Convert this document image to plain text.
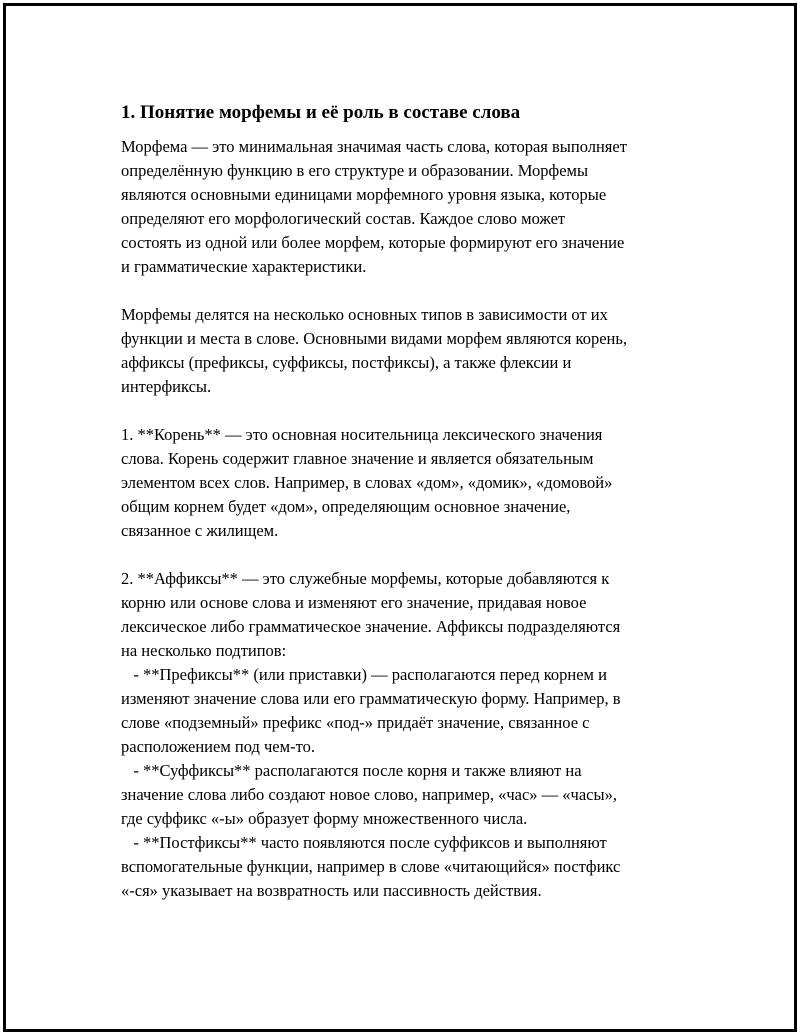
1. Понятие морфемы и её роль в составе слова
Морфема — это минимальная значимая часть слова, которая выполняет
определённую функцию в его структуре и образовании. Морфемы
являются основными единицами морфемного уровня языка, которые
определяют его морфологический состав. Каждое слово может
состоять из одной или более морфем, которые формируют его значение
и грамматические характеристики.
Морфемы делятся на несколько основных типов в зависимости от их
функции и места в слове. Основными видами морфем являются корень,
аффиксы (префиксы, суффиксы, постфиксы), а также флексии и
интерфиксы.
1. **Корень** — это основная носительница лексического значения
слова. Корень содержит главное значение и является обязательным
элементом всех слов. Например, в словах «дом», «домик», «домовой»
общим корнем будет «дом», определяющим основное значение,
связанное с жилищем.
2. **Аффиксы** — это служебные морфемы, которые добавляются к
корню или основе слова и изменяют его значение, придавая новое
лексическое либо грамматическое значение. Аффиксы подразделяются
на несколько подтипов:
- **Префиксы** (или приставки) — располагаются перед корнем и
изменяют значение слова или его грамматическую форму. Например, в
слове «подземный» префикс «под-» придаёт значение, связанное с
расположением под чем-то.
- **Суффиксы** располагаются после корня и также влияют на
значение слова либо создают новое слово, например, «час» — «часы»,
где суффикс «-ы» образует форму множественного числа.
- **Постфиксы** часто появляются после суффиксов и выполняют
вспомогательные функции, например в слове «читающийся» постфикс
«-ся» указывает на возвратность или пассивность действия.
